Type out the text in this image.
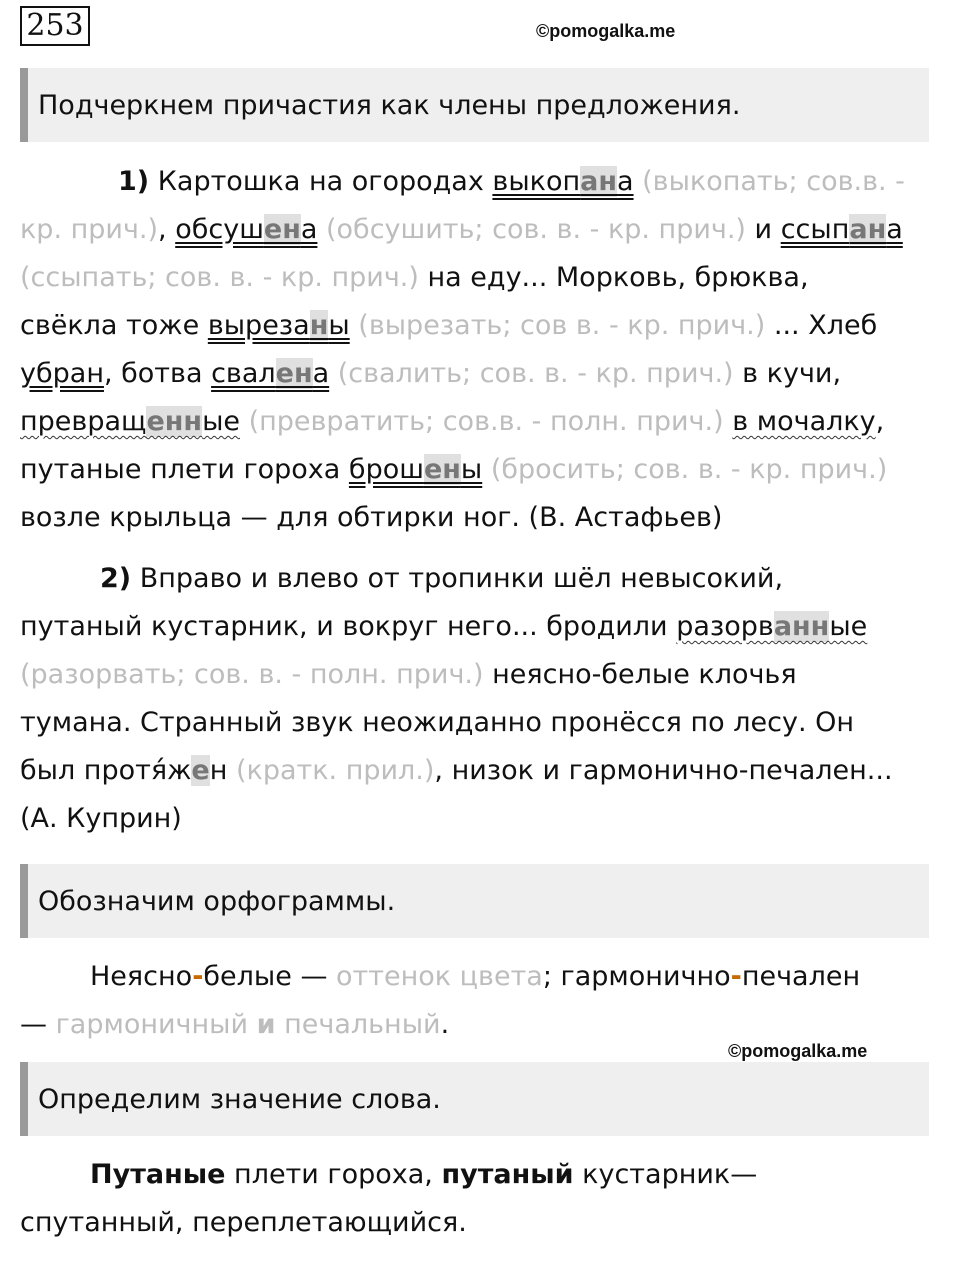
253	©pomogalka.me
Подчеркнем причастия как члены предложения.
1) Картошка на огородах выкопана (выкопать; сов.в. -
кр. прич.), обсушена (обсушить; сов. в. - кр. прич.) и ссыпана
(ссыпать; сов. в. - кр. прич.) на еду... Морковь, брюква,
свёкла тоже вырезаны (вырезать; сов в. - кр. прич.) ... Хлеб
убран, ботва свалена (свалить; сов. в. - кр. прич.) в кучи,
превращенные (превратить; сов.в. - полн. прич.) в мочалку,
путаные плети гороха брошены (бросить; сов. в. - кр. прич.)
возле крыльца — для обтирки ног. (В. Астафьев)
2) Вправо и влево от тропинки шёл невысокий,
путаный кустарник, и вокруг него... бродили разорванные
(разорвать; сов. в. - полн. прич.) неясно-белые клочья
тумана. Странный звук неожиданно пронёсся по лесу. Он
был протя́жен (кратк. прил.), низок и гармонично-печален...
(А. Куприн)
Обозначим орфограммы.
Неясно-белые — оттенок цвета; гармонично-печален
— гармоничный и печальный.
©pomogalka.me
Определим значение слова.
Путаные плети гороха, путаный кустарник—
спутанный, переплетающийся.
